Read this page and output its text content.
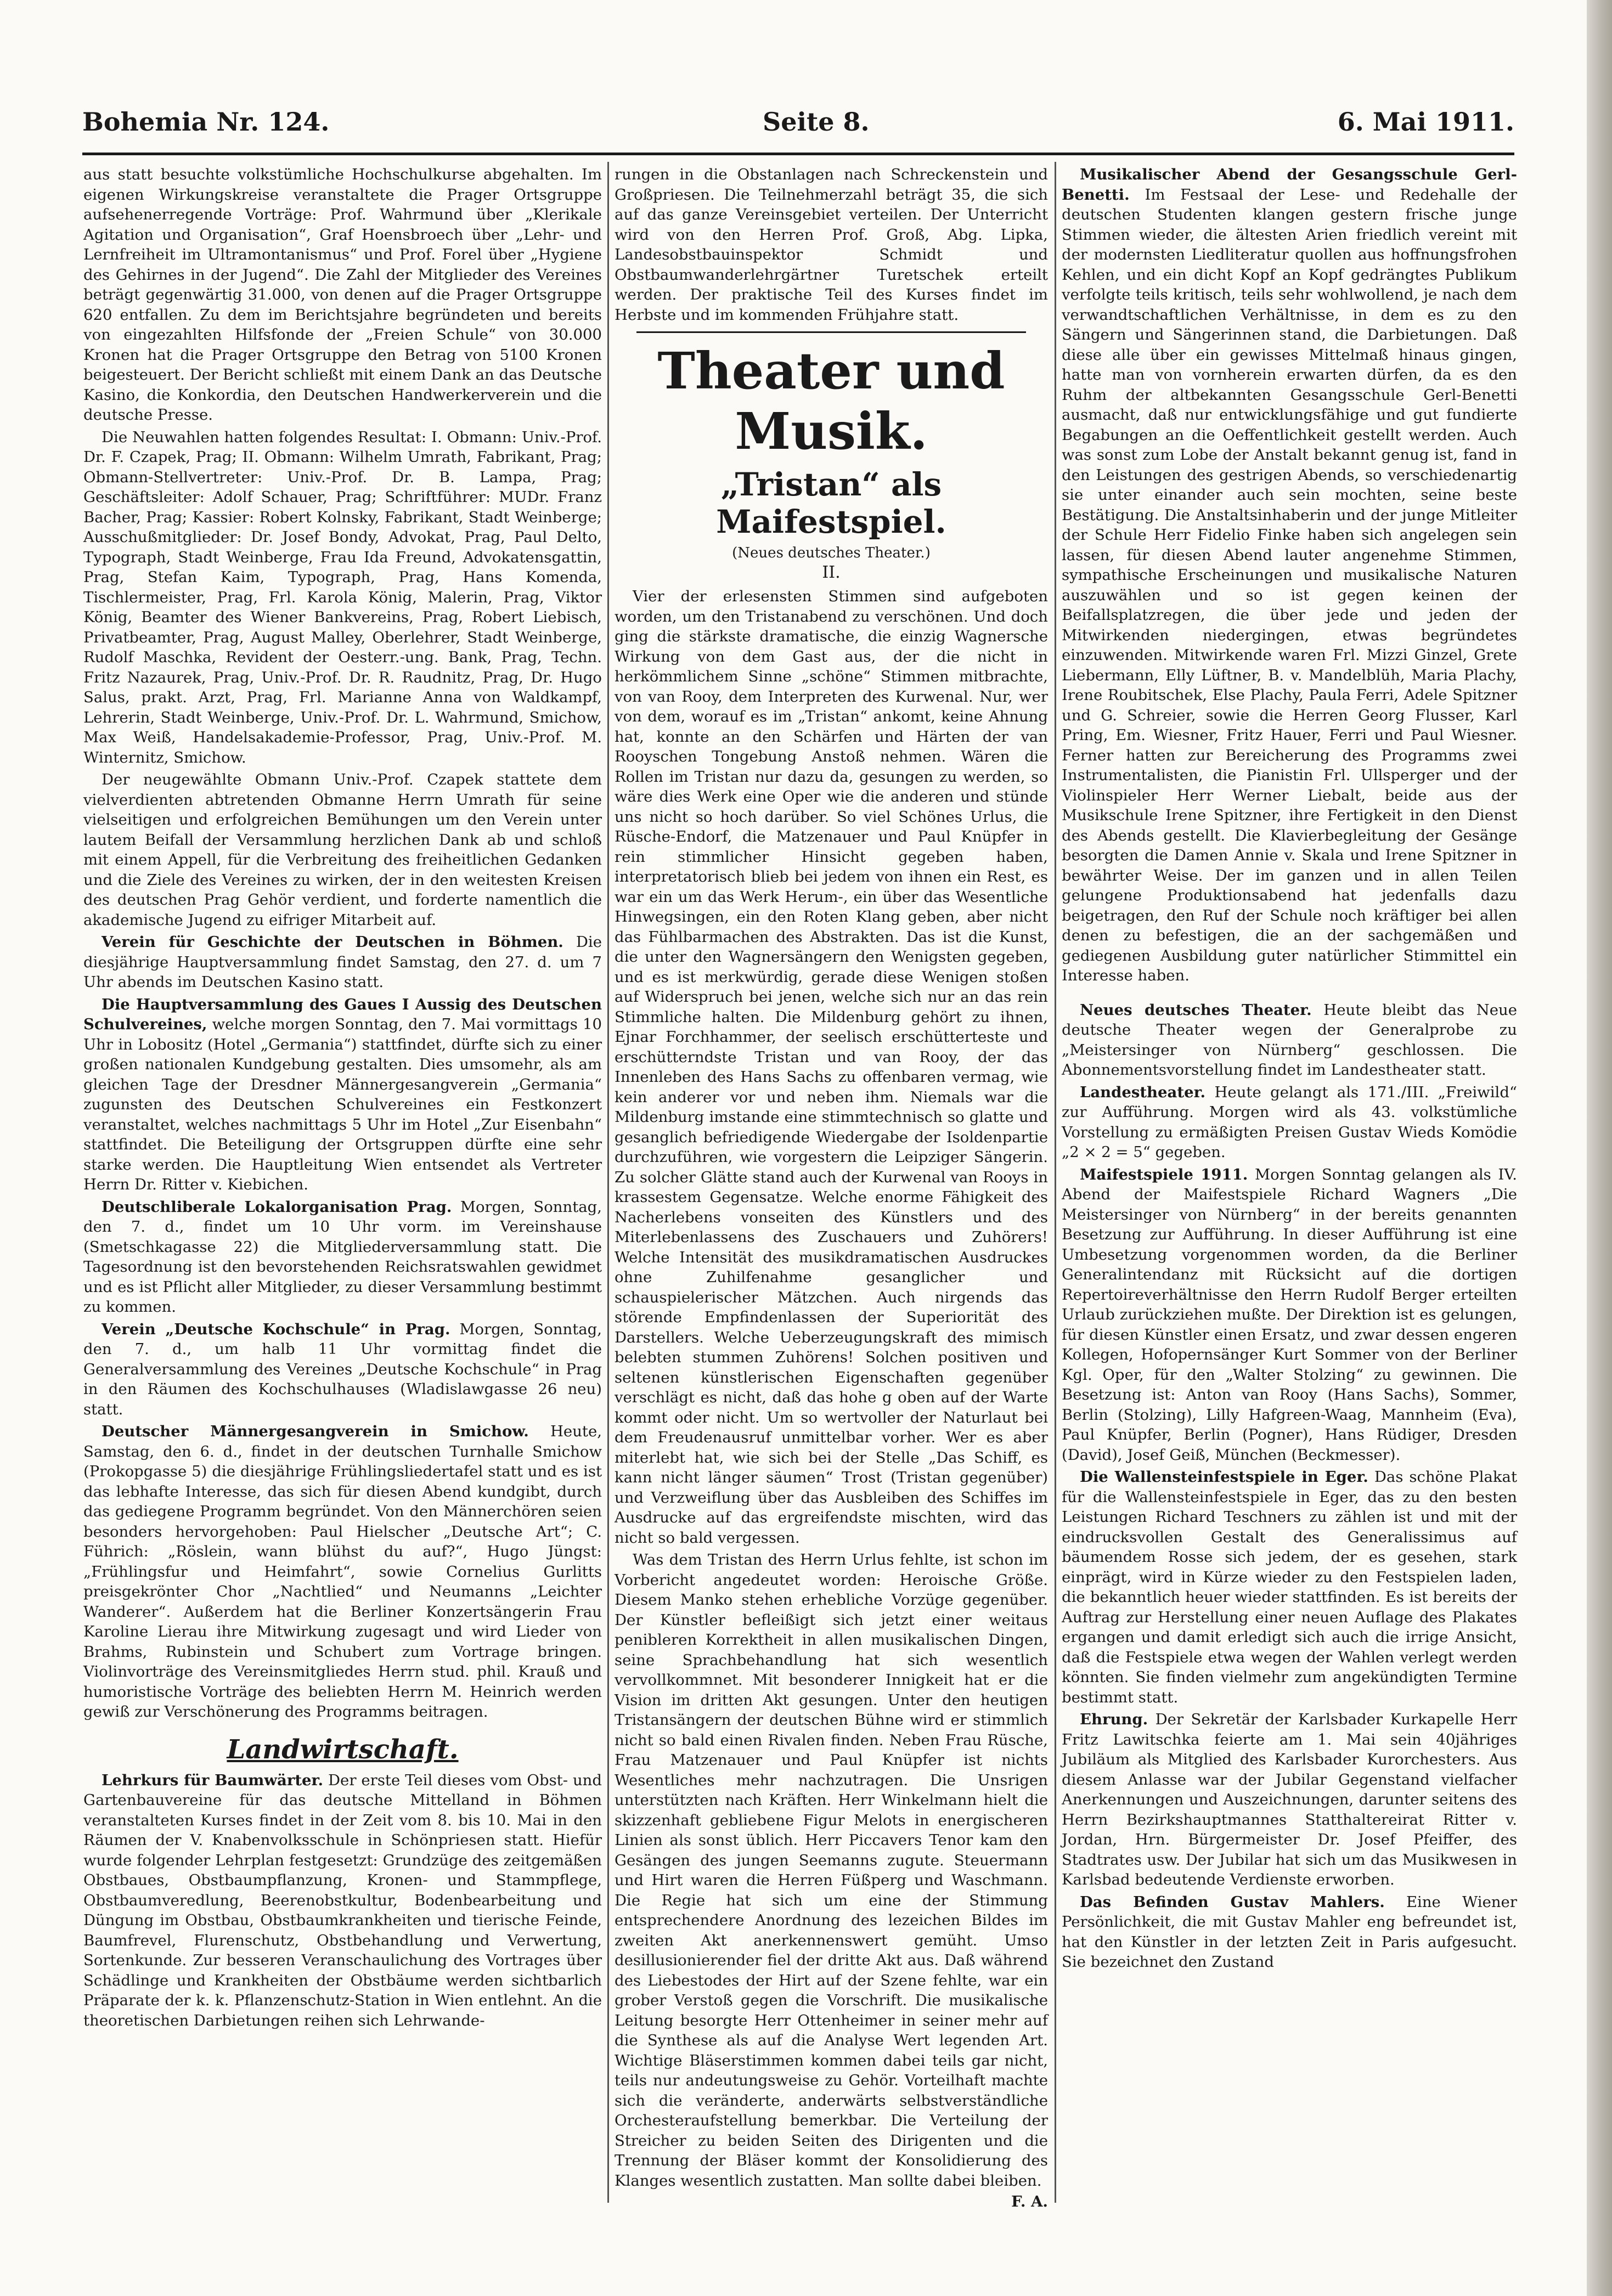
Bohemia Nr. 124.	Seite 8.	6. Mai 1911.

aus statt besuchte volkstümliche Hochschulkurse abgehalten. Im eigenen Wirkungskreise veranstaltete die Prager Ortsgruppe aufsehenerregende Vorträge: Prof. Wahrmund über „Klerikale Agitation und Organisation“, Graf Hoensbroech über „Lehr- und Lernfreiheit im Ultramontanismus“ und Prof. Forel über „Hygiene des Gehirnes in der Jugend“. Die Zahl der Mitglieder des Vereines beträgt gegenwärtig 31.000, von denen auf die Prager Ortsgruppe 620 entfallen. Zu dem im Berichtsjahre begründeten und bereits von eingezahlten Hilfsfonde der „Freien Schule“ von 30.000 Kronen hat die Prager Ortsgruppe den Betrag von 5100 Kronen beigesteuert. Der Bericht schließt mit einem Dank an das Deutsche Kasino, die Konkordia, den Deutschen Handwerkerverein und die deutsche Presse.

Die Neuwahlen hatten folgendes Resultat: I. Obmann: Univ.-Prof. Dr. F. Czapek, Prag; II. Obmann: Wilhelm Umrath, Fabrikant, Prag; Obmann-Stellvertreter: Univ.-Prof. Dr. B. Lampa, Prag; Geschäftsleiter: Adolf Schauer, Prag; Schriftführer: MUDr. Franz Bacher, Prag; Kassier: Robert Kolnsky, Fabrikant, Stadt Weinberge; Ausschußmitglieder: Dr. Josef Bondy, Advokat, Prag, Paul Delto, Typograph, Stadt Weinberge, Frau Ida Freund, Advokatensgattin, Prag, Stefan Kaim, Typograph, Prag, Hans Komenda, Tischlermeister, Prag, Frl. Karola König, Malerin, Prag, Viktor König, Beamter des Wiener Bankvereins, Prag, Robert Liebisch, Privatbeamter, Prag, August Malley, Oberlehrer, Stadt Weinberge, Rudolf Maschka, Revident der Oesterr.-ung. Bank, Prag, Techn. Fritz Nazaurek, Prag, Univ.-Prof. Dr. R. Raudnitz, Prag, Dr. Hugo Salus, prakt. Arzt, Prag, Frl. Marianne Anna von Waldkampf, Lehrerin, Stadt Weinberge, Univ.-Prof. Dr. L. Wahrmund, Smichow, Max Weiß, Handelsakademie-Professor, Prag, Univ.-Prof. M. Winternitz, Smichow.

Der neugewählte Obmann Univ.-Prof. Czapek stattete dem vielverdienten abtretenden Obmanne Herrn Umrath für seine vielseitigen und erfolgreichen Bemühungen um den Verein unter lautem Beifall der Versammlung herzlichen Dank ab und schloß mit einem Appell, für die Verbreitung des freiheitlichen Gedanken und die Ziele des Vereines zu wirken, der in den weitesten Kreisen des deutschen Prag Gehör verdient, und forderte namentlich die akademische Jugend zu eifriger Mitarbeit auf.

Verein für Geschichte der Deutschen in Böhmen. Die diesjährige Hauptversammlung findet Samstag, den 27. d. um 7 Uhr abends im Deutschen Kasino statt.

Die Hauptversammlung des Gaues I Aussig des Deutschen Schulvereines, welche morgen Sonntag, den 7. Mai vormittags 10 Uhr in Lobositz (Hotel „Germania“) stattfindet, dürfte sich zu einer großen nationalen Kundgebung gestalten. Dies umsomehr, als am gleichen Tage der Dresdner Männergesangverein „Germania“ zugunsten des Deutschen Schulvereines ein Festkonzert veranstaltet, welches nachmittags 5 Uhr im Hotel „Zur Eisenbahn“ stattfindet. Die Beteiligung der Ortsgruppen dürfte eine sehr starke werden. Die Hauptleitung Wien entsendet als Vertreter Herrn Dr. Ritter v. Kiebichen.

Deutschliberale Lokalorganisation Prag. Morgen, Sonntag, den 7. d., findet um 10 Uhr vorm. im Vereinshause (Smetschkagasse 22) die Mitgliederversammlung statt. Die Tagesordnung ist den bevorstehenden Reichsratswahlen gewidmet und es ist Pflicht aller Mitglieder, zu dieser Versammlung bestimmt zu kommen.

Verein „Deutsche Kochschule“ in Prag. Morgen, Sonntag, den 7. d., um halb 11 Uhr vormittag findet die Generalversammlung des Vereines „Deutsche Kochschule“ in Prag in den Räumen des Kochschulhauses (Wladislawgasse 26 neu) statt.

Deutscher Männergesangverein in Smichow. Heute, Samstag, den 6. d., findet in der deutschen Turnhalle Smichow (Prokopgasse 5) die diesjährige Frühlingsliedertafel statt und es ist das lebhafte Interesse, das sich für diesen Abend kundgibt, durch das gediegene Programm begründet. Von den Männerchören seien besonders hervorgehoben: Paul Hielscher „Deutsche Art“; C. Führich: „Röslein, wann blühst du auf?“, Hugo Jüngst: „Frühlingsfur und Heimfahrt“, sowie Cornelius Gurlitts preisgekrönter Chor „Nachtlied“ und Neumanns „Leichter Wanderer“. Außerdem hat die Berliner Konzertsängerin Frau Karoline Lierau ihre Mitwirkung zugesagt und wird Lieder von Brahms, Rubinstein und Schubert zum Vortrage bringen. Violinvorträge des Vereinsmitgliedes Herrn stud. phil. Krauß und humoristische Vorträge des beliebten Herrn M. Heinrich werden gewiß zur Verschönerung des Programms beitragen.

Landwirtschaft.

Lehrkurs für Baumwärter. Der erste Teil dieses vom Obst- und Gartenbauvereine für das deutsche Mittelland in Böhmen veranstalteten Kurses findet in der Zeit vom 8. bis 10. Mai in den Räumen der V. Knabenvolksschule in Schönpriesen statt. Hiefür wurde folgender Lehrplan festgesetzt: Grundzüge des zeitgemäßen Obstbaues, Obstbaumpflanzung, Kronen- und Stammpflege, Obstbaumveredlung, Beerenobstkultur, Bodenbearbeitung und Düngung im Obstbau, Obstbaumkrankheiten und tierische Feinde, Baumfrevel, Flurenschutz, Obstbehandlung und Verwertung, Sortenkunde. Zur besseren Veranschaulichung des Vortrages über Schädlinge und Krankheiten der Obstbäume werden sichtbarlich Präparate der k. k. Pflanzenschutz-Station in Wien entlehnt. An die theoretischen Darbietungen reihen sich Lehrwande-

rungen in die Obstanlagen nach Schreckenstein und Großpriesen. Die Teilnehmerzahl beträgt 35, die sich auf das ganze Vereinsgebiet verteilen. Der Unterricht wird von den Herren Prof. Groß, Abg. Lipka, Landesobstbauinspektor Schmidt und Obstbaumwanderlehrgärtner Turetschek erteilt werden. Der praktische Teil des Kurses findet im Herbste und im kommenden Frühjahre statt.

Theater und Musik.
„Tristan“ als Maifestspiel.
(Neues deutsches Theater.)
II.

Vier der erlesensten Stimmen sind aufgeboten worden, um den Tristanabend zu verschönen. Und doch ging die stärkste dramatische, die einzig Wagnersche Wirkung von dem Gast aus, der die nicht in herkömmlichem Sinne „schöne“ Stimmen mitbrachte, von van Rooy, dem Interpreten des Kurwenal. Nur, wer von dem, worauf es im „Tristan“ ankomt, keine Ahnung hat, konnte an den Schärfen und Härten der van Rooyschen Tongebung Anstoß nehmen. Wären die Rollen im Tristan nur dazu da, gesungen zu werden, so wäre dies Werk eine Oper wie die anderen und stünde uns nicht so hoch darüber. So viel Schönes Urlus, die Rüsche-Endorf, die Matzenauer und Paul Knüpfer in rein stimmlicher Hinsicht gegeben haben, interpretatorisch blieb bei jedem von ihnen ein Rest, es war ein um das Werk Herum-, ein über das Wesentliche Hinwegsingen, ein den Roten Klang geben, aber nicht das Fühlbarmachen des Abstrakten. Das ist die Kunst, die unter den Wagnersängern den Wenigsten gegeben, und es ist merkwürdig, gerade diese Wenigen stoßen auf Widerspruch bei jenen, welche sich nur an das rein Stimmliche halten. Die Mildenburg gehört zu ihnen, Ejnar Forchhammer, der seelisch erschütterteste und erschütterndste Tristan und van Rooy, der das Innenleben des Hans Sachs zu offenbaren vermag, wie kein anderer vor und neben ihm. Niemals war die Mildenburg imstande eine stimmtechnisch so glatte und gesanglich befriedigende Wiedergabe der Isoldenpartie durchzuführen, wie vorgestern die Leipziger Sängerin. Zu solcher Glätte stand auch der Kurwenal van Rooys in krassestem Gegensatze. Welche enorme Fähigkeit des Nacherlebens vonseiten des Künstlers und des Miterlebenlassens des Zuschauers und Zuhörers! Welche Intensität des musikdramatischen Ausdruckes ohne Zuhilfenahme gesanglicher und schauspielerischer Mätzchen. Auch nirgends das störende Empfindenlassen der Superiorität des Darstellers. Welche Ueberzeugungskraft des mimisch belebten stummen Zuhörens! Solchen positiven und seltenen künstlerischen Eigenschaften gegenüber verschlägt es nicht, daß das hohe g oben auf der Warte kommt oder nicht. Um so wertvoller der Naturlaut bei dem Freudenausruf unmittelbar vorher. Wer es aber miterlebt hat, wie sich bei der Stelle „Das Schiff, es kann nicht länger säumen“ Trost (Tristan gegenüber) und Verzweiflung über das Ausbleiben des Schiffes im Ausdrucke auf das ergreifendste mischten, wird das nicht so bald vergessen.

Was dem Tristan des Herrn Urlus fehlte, ist schon im Vorbericht angedeutet worden: Heroische Größe. Diesem Manko stehen erhebliche Vorzüge gegenüber. Der Künstler befleißigt sich jetzt einer weitaus penibleren Korrektheit in allen musikalischen Dingen, seine Sprachbehandlung hat sich wesentlich vervollkommnet. Mit besonderer Innigkeit hat er die Vision im dritten Akt gesungen. Unter den heutigen Tristansängern der deutschen Bühne wird er stimmlich nicht so bald einen Rivalen finden. Neben Frau Rüsche, Frau Matzenauer und Paul Knüpfer ist nichts Wesentliches mehr nachzutragen. Die Unsrigen unterstützten nach Kräften. Herr Winkelmann hielt die skizzenhaft gebliebene Figur Melots in energischeren Linien als sonst üblich. Herr Piccavers Tenor kam den Gesängen des jungen Seemanns zugute. Steuermann und Hirt waren die Herren Füßperg und Waschmann. Die Regie hat sich um eine der Stimmung entsprechendere Anordnung des lezeichen Bildes im zweiten Akt anerkennenswert gemüht. Umso desillusionierender fiel der dritte Akt aus. Daß während des Liebestodes der Hirt auf der Szene fehlte, war ein grober Verstoß gegen die Vorschrift. Die musikalische Leitung besorgte Herr Ottenheimer in seiner mehr auf die Synthese als auf die Analyse Wert legenden Art. Wichtige Bläserstimmen kommen dabei teils gar nicht, teils nur andeutungsweise zu Gehör. Vorteilhaft machte sich die veränderte, anderwärts selbstverständliche Orchesteraufstellung bemerkbar. Die Verteilung der Streicher zu beiden Seiten des Dirigenten und die Trennung der Bläser kommt der Konsolidierung des Klanges wesentlich zustatten. Man sollte dabei bleiben.

F. A.

Musikalischer Abend der Gesangsschule Gerl-Benetti. Im Festsaal der Lese- und Redehalle der deutschen Studenten klangen gestern frische junge Stimmen wieder, die ältesten Arien friedlich vereint mit der modernsten Liedliteratur quollen aus hoffnungsfrohen Kehlen, und ein dicht Kopf an Kopf gedrängtes Publikum verfolgte teils kritisch, teils sehr wohlwollend, je nach dem verwandtschaftlichen Verhältnisse, in dem es zu den Sängern und Sängerinnen stand, die Darbietungen. Daß diese alle über ein gewisses Mittelmaß hinaus gingen, hatte man von vornherein erwarten dürfen, da es den Ruhm der altbekannten Gesangsschule Gerl-Benetti ausmacht, daß nur entwicklungsfähige und gut fundierte Begabungen an die Oeffentlichkeit gestellt werden. Auch was sonst zum Lobe der Anstalt bekannt genug ist, fand in den Leistungen des gestrigen Abends, so verschiedenartig sie unter einander auch sein mochten, seine beste Bestätigung. Die Anstaltsinhaberin und der junge Mitleiter der Schule Herr Fidelio Finke haben sich angelegen sein lassen, für diesen Abend lauter angenehme Stimmen, sympathische Erscheinungen und musikalische Naturen auszuwählen und so ist gegen keinen der Beifallsplatzregen, die über jede und jeden der Mitwirkenden niedergingen, etwas begründetes einzuwenden. Mitwirkende waren Frl. Mizzi Ginzel, Grete Liebermann, Elly Lüftner, B. v. Mandelblüh, Maria Plachy, Irene Roubitschek, Else Plachy, Paula Ferri, Adele Spitzner und G. Schreier, sowie die Herren Georg Flusser, Karl Pring, Em. Wiesner, Fritz Hauer, Ferri und Paul Wiesner. Ferner hatten zur Bereicherung des Programms zwei Instrumentalisten, die Pianistin Frl. Ullsperger und der Violinspieler Herr Werner Liebalt, beide aus der Musikschule Irene Spitzner, ihre Fertigkeit in den Dienst des Abends gestellt. Die Klavierbegleitung der Gesänge besorgten die Damen Annie v. Skala und Irene Spitzner in bewährter Weise. Der im ganzen und in allen Teilen gelungene Produktionsabend hat jedenfalls dazu beigetragen, den Ruf der Schule noch kräftiger bei allen denen zu befestigen, die an der sachgemäßen und gediegenen Ausbildung guter natürlicher Stimmittel ein Interesse haben.

Neues deutsches Theater. Heute bleibt das Neue deutsche Theater wegen der Generalprobe zu „Meistersinger von Nürnberg“ geschlossen. Die Abonnementsvorstellung findet im Landestheater statt.

Landestheater. Heute gelangt als 171./III. „Freiwild“ zur Aufführung. Morgen wird als 43. volkstümliche Vorstellung zu ermäßigten Preisen Gustav Wieds Komödie „2 × 2 = 5“ gegeben.

Maifestspiele 1911. Morgen Sonntag gelangen als IV. Abend der Maifestspiele Richard Wagners „Die Meistersinger von Nürnberg“ in der bereits genannten Besetzung zur Aufführung. In dieser Aufführung ist eine Umbesetzung vorgenommen worden, da die Berliner Generalintendanz mit Rücksicht auf die dortigen Repertoireverhältnisse den Herrn Rudolf Berger erteilten Urlaub zurückziehen mußte. Der Direktion ist es gelungen, für diesen Künstler einen Ersatz, und zwar dessen engeren Kollegen, Hofopernsänger Kurt Sommer von der Berliner Kgl. Oper, für den „Walter Stolzing“ zu gewinnen. Die Besetzung ist: Anton van Rooy (Hans Sachs), Sommer, Berlin (Stolzing), Lilly Hafgreen-Waag, Mannheim (Eva), Paul Knüpfer, Berlin (Pogner), Hans Rüdiger, Dresden (David), Josef Geiß, München (Beckmesser).

Die Wallensteinfestspiele in Eger. Das schöne Plakat für die Wallensteinfestspiele in Eger, das zu den besten Leistungen Richard Teschners zu zählen ist und mit der eindrucksvollen Gestalt des Generalissimus auf bäumendem Rosse sich jedem, der es gesehen, stark einprägt, wird in Kürze wieder zu den Festspielen laden, die bekanntlich heuer wieder stattfinden. Es ist bereits der Auftrag zur Herstellung einer neuen Auflage des Plakates ergangen und damit erledigt sich auch die irrige Ansicht, daß die Festspiele etwa wegen der Wahlen verlegt werden könnten. Sie finden vielmehr zum angekündigten Termine bestimmt statt.

Ehrung. Der Sekretär der Karlsbader Kurkapelle Herr Fritz Lawitschka feierte am 1. Mai sein 40jähriges Jubiläum als Mitglied des Karlsbader Kurorchesters. Aus diesem Anlasse war der Jubilar Gegenstand vielfacher Anerkennungen und Auszeichnungen, darunter seitens des Herrn Bezirkshauptmannes Statthaltereirat Ritter v. Jordan, Hrn. Bürgermeister Dr. Josef Pfeiffer, des Stadtrates usw. Der Jubilar hat sich um das Musikwesen in Karlsbad bedeutende Verdienste erworben.

Das Befinden Gustav Mahlers. Eine Wiener Persönlichkeit, die mit Gustav Mahler eng befreundet ist, hat den Künstler in der letzten Zeit in Paris aufgesucht. Sie bezeichnet den Zustand
